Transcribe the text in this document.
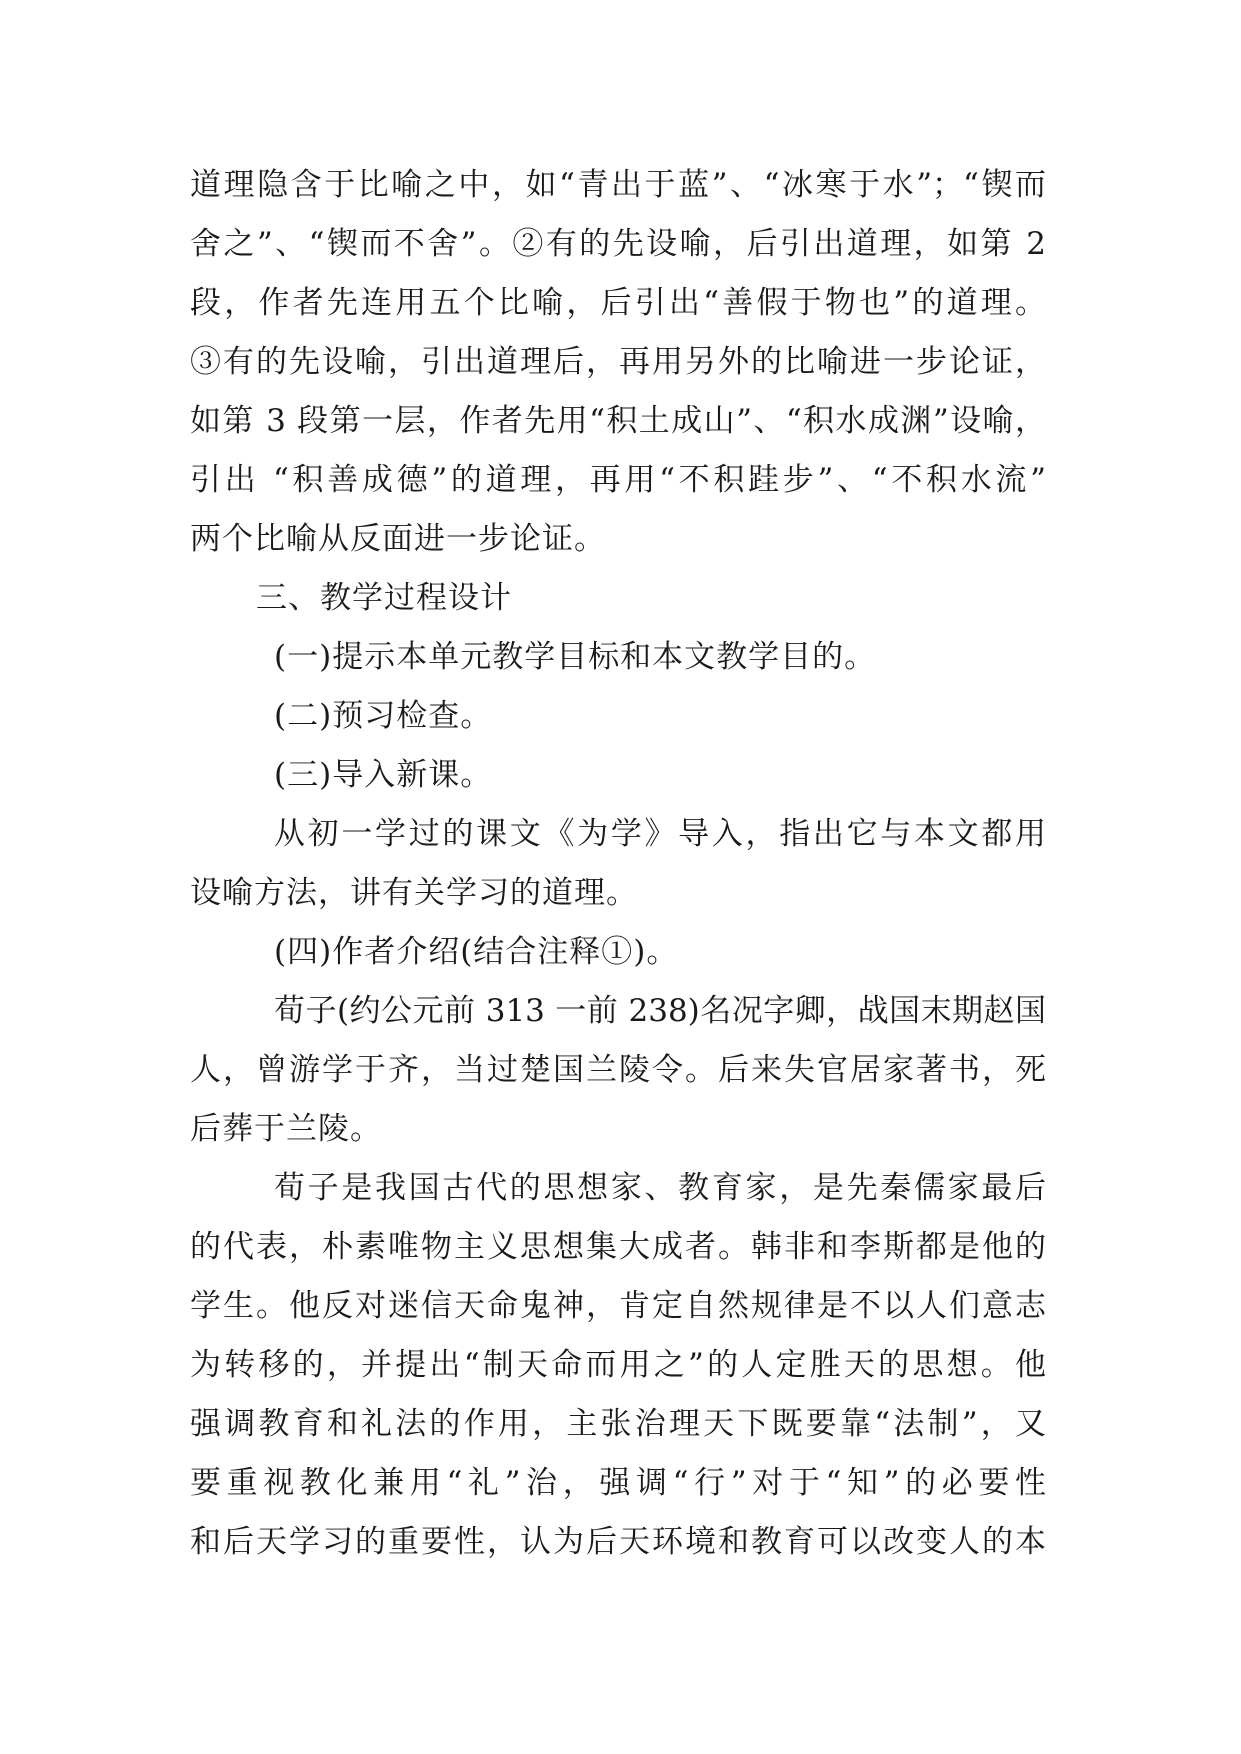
道理隐含于比喻之中，如“青出于蓝”、“冰寒于水”；“锲而
舍之”、“锲而不舍”。②有的先设喻，后引出道理，如第 2
段，作者先连用五个比喻，后引出“善假于物也”的道理。
③有的先设喻，引出道理后，再用另外的比喻进一步论证，
如第 3 段第一层，作者先用“积土成山”、“积水成渊”设喻，
引出 “积善成德”的道理，再用“不积跬步”、“不积水流”
两个比喻从反面进一步论证。
三、教学过程设计
(一)提示本单元教学目标和本文教学目的。
(二)预习检查。
(三)导入新课。
从初一学过的课文《为学》导入，指出它与本文都用
设喻方法，讲有关学习的道理。
(四)作者介绍(结合注释①)。
荀子(约公元前 313 一前 238)名况字卿，战国末期赵国
人，曾游学于齐，当过楚国兰陵令。后来失官居家著书，死
后葬于兰陵。
荀子是我国古代的思想家、教育家，是先秦儒家最后
的代表，朴素唯物主义思想集大成者。韩非和李斯都是他的
学生。他反对迷信天命鬼神，肯定自然规律是不以人们意志
为转移的，并提出“制天命而用之”的人定胜天的思想。他
强调教育和礼法的作用，主张治理天下既要靠“法制”，又
要重视教化兼用“礼”治，强调“行”对于“知”的必要性
和后天学习的重要性，认为后天环境和教育可以改变人的本
